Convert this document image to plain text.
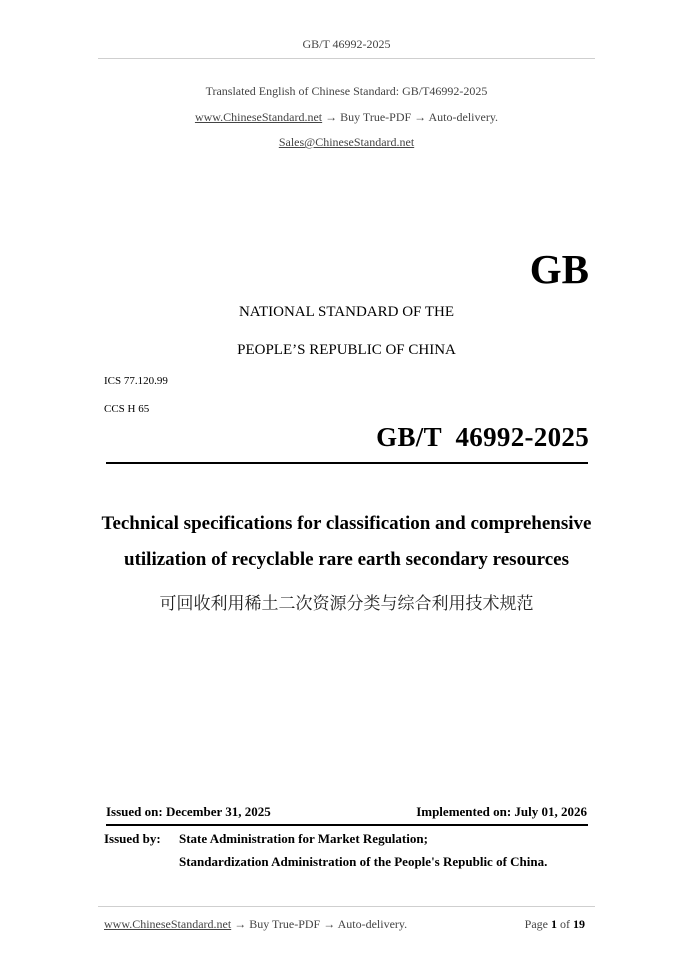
GB/T 46992-2025
Translated English of Chinese Standard: GB/T46992-2025
www.ChineseStandard.net → Buy True-PDF → Auto-delivery.
Sales@ChineseStandard.net
GB
NATIONAL STANDARD OF THE
PEOPLE’S REPUBLIC OF CHINA
ICS 77.120.99
CCS H 65
GB/T  46992-2025
Technical specifications for classification and comprehensive
utilization of recyclable rare earth secondary resources
可回收利用稀土二次资源分类与综合利用技术规范
Issued on: December 31, 2025	Implemented on: July 01, 2026
Issued by: State Administration for Market Regulation;
Standardization Administration of the People's Republic of China.
www.ChineseStandard.net → Buy True-PDF → Auto-delivery.	Page 1 of 19
